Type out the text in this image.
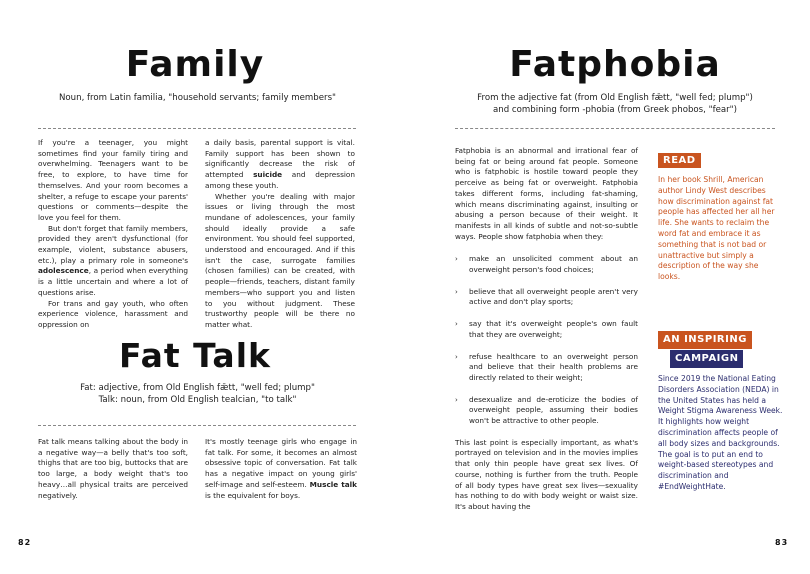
Family
Noun, from Latin familia, "household servants; family members"

If you're a teenager, you might sometimes find your family tiring and overwhelming. Teenagers want to be free, to explore, to have time for themselves. And your room becomes a shelter, a refuge to escape your parents' questions or comments—despite the love you feel for them.

But don't forget that family members, provided they aren't dysfunctional (for example, violent, substance abusers, etc.), play a primary role in someone's adolescence, a period when everything is a little uncertain and where a lot of questions arise.

For trans and gay youth, who often experience violence, harassment and oppression on

a daily basis, parental support is vital. Family support has been shown to significantly decrease the risk of attempted suicide and depression among these youth.

Whether you're dealing with major issues or living through the most mundane of adolescences, your family should ideally provide a safe environment. You should feel supported, understood and encouraged. And if this isn't the case, surrogate families (chosen families) can be created, with people—friends, teachers, distant family members—who support you and listen to you without judgment. These trustworthy people will be there no matter what.

Fat Talk
Fat: adjective, from Old English fǣtt, "well fed; plump"
Talk: noun, from Old English tealcian, "to talk"

Fat talk means talking about the body in a negative way—a belly that's too soft, thighs that are too big, buttocks that are too large, a body weight that's too heavy…all physical traits are perceived negatively.

It's mostly teenage girls who engage in fat talk. For some, it becomes an almost obsessive topic of conversation. Fat talk has a negative impact on young girls' self-image and self-esteem. Muscle talk is the equivalent for boys.

82
Fatphobia
From the adjective fat (from Old English fǣtt, "well fed; plump")
and combining form -phobia (from Greek phobos, "fear")

Fatphobia is an abnormal and irrational fear of being fat or being around fat people. Someone who is fatphobic is hostile toward people they perceive as being fat or overweight. Fatphobia takes different forms, including fat-shaming, which means discriminating against, insulting or abusing a person because of their weight. It manifests in all kinds of subtle and not-so-subtle ways. People show fatphobia when they:

›	make an unsolicited comment about an overweight person's food choices;
›	believe that all overweight people aren't very active and don't play sports;
›	say that it's overweight people's own fault that they are overweight;
›	refuse healthcare to an overweight person and believe that their health problems are directly related to their weight;
›	desexualize and de-eroticize the bodies of overweight people, assuming their bodies won't be attractive to other people.

This last point is especially important, as what's portrayed on television and in the movies implies that only thin people have great sex lives. Of course, nothing is further from the truth. People of all body types have great sex lives—sexuality has nothing to do with body weight or waist size. It's about having the

READ
In her book Shrill, American author Lindy West describes how discrimination against fat people has affected her all her life. She wants to reclaim the word fat and embrace it as something that is not bad or unattractive but simply a description of the way she looks.
AN INSPIRING
CAMPAIGN
Since 2019 the National Eating Disorders Association (NEDA) in the United States has held a Weight Stigma Awareness Week. It highlights how weight discrimination affects people of all body sizes and backgrounds. The goal is to put an end to weight-based stereotypes and discrimination and #EndWeightHate.
83
